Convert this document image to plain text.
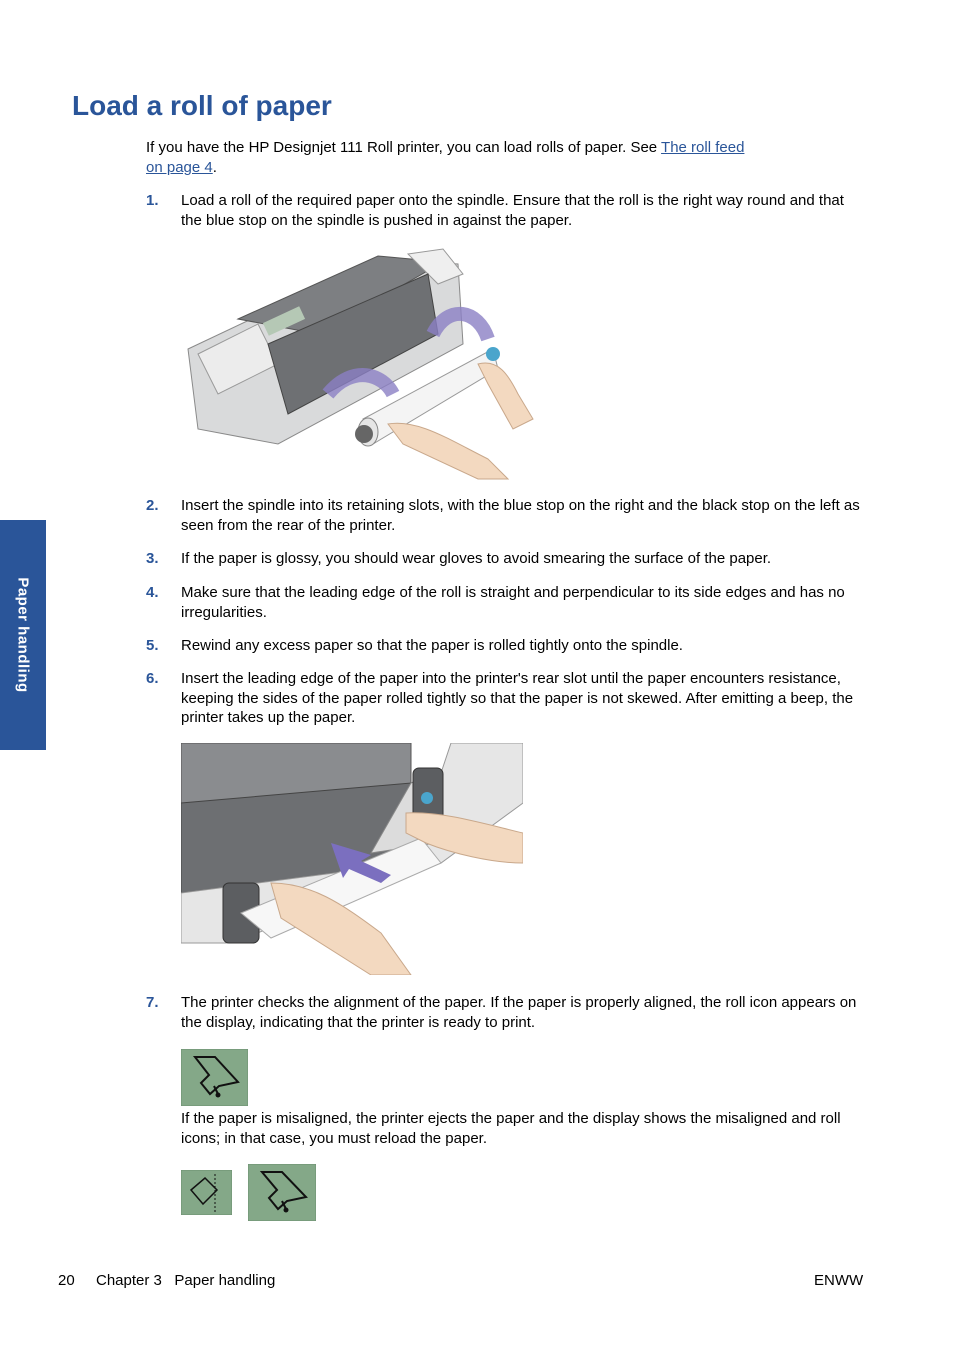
Load a roll of paper
If you have the HP Designjet 111 Roll printer, you can load rolls of paper. See The roll feed
on page 4.
1. Load a roll of the required paper onto the spindle. Ensure that the roll is the right way round and that the blue stop on the spindle is pushed in against the paper.
2. Insert the spindle into its retaining slots, with the blue stop on the right and the black stop on the left as seen from the rear of the printer.
3. If the paper is glossy, you should wear gloves to avoid smearing the surface of the paper.
4. Make sure that the leading edge of the roll is straight and perpendicular to its side edges and has no irregularities.
5. Rewind any excess paper so that the paper is rolled tightly onto the spindle.
6. Insert the leading edge of the paper into the printer's rear slot until the paper encounters resistance, keeping the sides of the paper rolled tightly so that the paper is not skewed. After emitting a beep, the printer takes up the paper.
7. The printer checks the alignment of the paper. If the paper is properly aligned, the roll icon appears on the display, indicating that the printer is ready to print.
If the paper is misaligned, the printer ejects the paper and the display shows the misaligned and roll icons; in that case, you must reload the paper.
Paper handling
20 Chapter 3   Paper handling	ENWW
